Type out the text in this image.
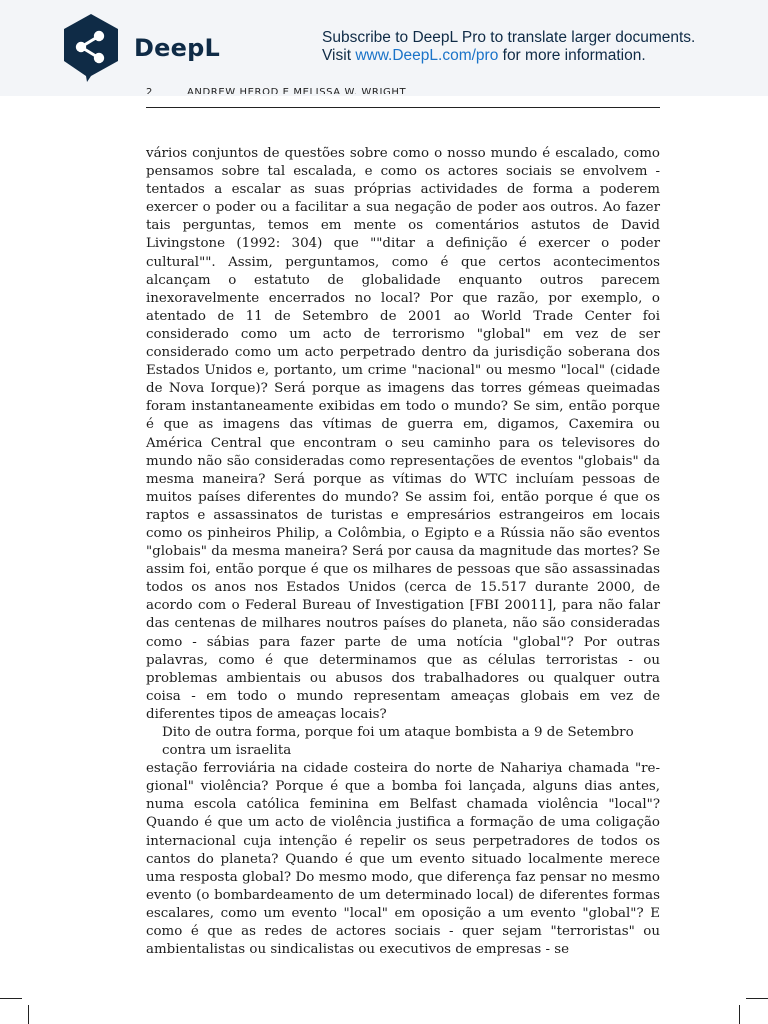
DeepL	Subscribe to DeepL Pro to translate larger documents.
Visit www.DeepL.com/pro for more information.
2	ANDREW HEROD E MELISSA W. WRIGHT

vários conjuntos de questões sobre como o nosso mundo é escalado, como pensamos sobre tal escalada, e como os actores sociais se envolvem - tentados a escalar as suas próprias actividades de forma a poderem exercer o poder ou a facilitar a sua negação de poder aos outros. Ao fazer tais perguntas, temos em mente os comentários astutos de David Livingstone (1992: 304) que ""ditar a definição é exercer o poder cultural"". Assim, perguntamos, como é que certos acontecimentos alcançam o estatuto de globalidade enquanto outros parecem inexoravelmente encerrados no local? Por que razão, por exemplo, o atentado de 11 de Setembro de 2001 ao World Trade Center foi considerado como um acto de terrorismo "global" em vez de ser considerado como um acto perpetrado dentro da jurisdição soberana dos Estados Unidos e, portanto, um crime "nacional" ou mesmo "local" (cidade de Nova Iorque)? Será porque as imagens das torres gémeas queimadas foram instantaneamente exibidas em todo o mundo? Se sim, então porque é que as imagens das vítimas de guerra em, digamos, Caxemira ou América Central que encontram o seu caminho para os televisores do mundo não são consideradas como representações de eventos "globais" da mesma maneira? Será porque as vítimas do WTC incluíam pessoas de muitos países diferentes do mundo? Se assim foi, então porque é que os raptos e assassinatos de turistas e empresários estrangeiros em locais como os pinheiros Philip, a Colômbia, o Egipto e a Rússia não são eventos "globais" da mesma maneira? Será por causa da magnitude das mortes? Se assim foi, então porque é que os milhares de pessoas que são assassinadas todos os anos nos Estados Unidos (cerca de 15.517 durante 2000, de acordo com o Federal Bureau of Investigation [FBI 20011], para não falar das centenas de milhares noutros países do planeta, não são consideradas como - sábias para fazer parte de uma notícia "global"? Por outras palavras, como é que determinamos que as células terroristas - ou problemas ambientais ou abusos dos trabalhadores ou qualquer outra coisa - em todo o mundo representam ameaças globais em vez de diferentes tipos de ameaças locais?

Dito de outra forma, porque foi um ataque bombista a 9 de Setembro contra um israelita

estação ferroviária na cidade costeira do norte de Nahariya chamada "re- gional" violência? Porque é que a bomba foi lançada, alguns dias antes, numa escola católica feminina em Belfast chamada violência "local"? Quando é que um acto de violência justifica a formação de uma coligação internacional cuja intenção é repelir os seus perpetradores de todos os cantos do planeta? Quando é que um evento situado localmente merece uma resposta global? Do mesmo modo, que diferença faz pensar no mesmo evento (o bombardeamento de um determinado local) de diferentes formas escalares, como um evento "local" em oposição a um evento "global"? E como é que as redes de actores sociais - quer sejam "terroristas" ou ambientalistas ou sindicalistas ou executivos de empresas - se
